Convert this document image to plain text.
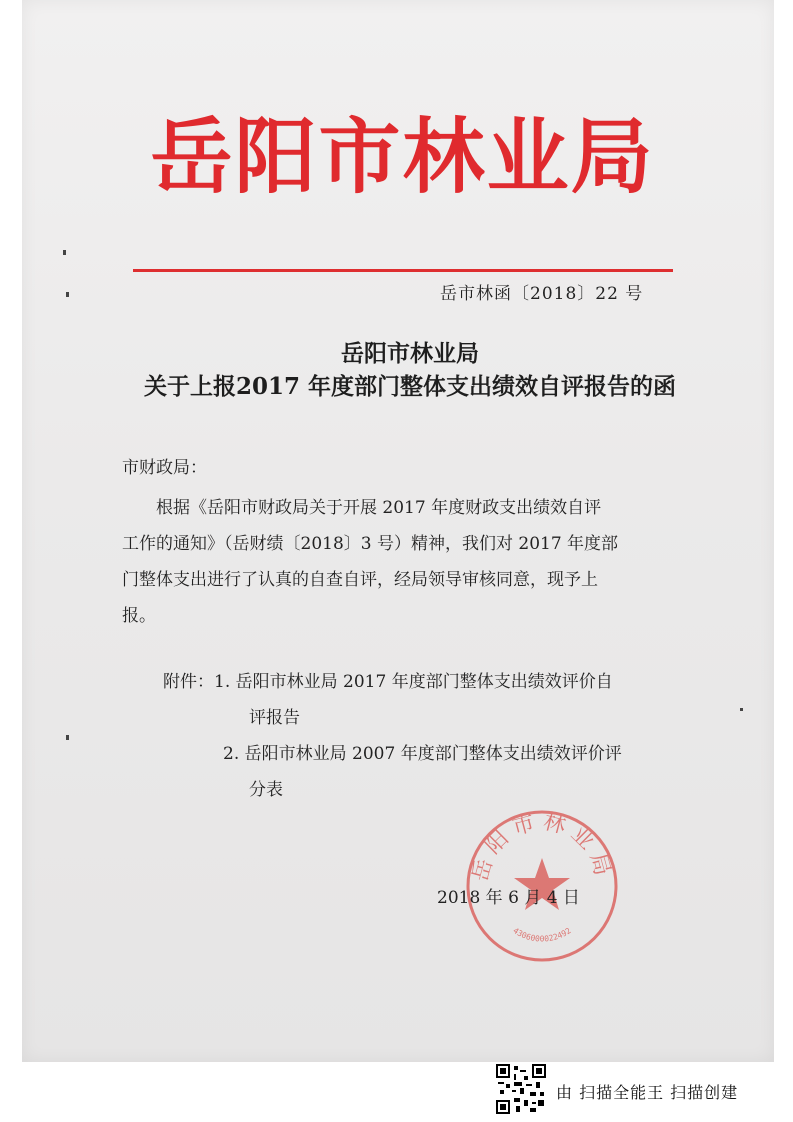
岳阳市林业局
岳市林函〔2018〕22 号
岳阳市林业局
关于上报2017 年度部门整体支出绩效自评报告的函
市财政局：
根据《岳阳市财政局关于开展 2017 年度财政支出绩效自评
工作的通知》（岳财绩〔2018〕3 号）精神，我们对 2017 年度部
门整体支出进行了认真的自查自评，经局领导审核同意，现予上
报。
附件：1. 岳阳市林业局 2017 年度部门整体支出绩效评价自
评报告
2. 岳阳市林业局 2007 年度部门整体支出绩效评价评
分表
岳阳市林业局
4306000022492
2018 年 6 月 4 日
由 扫描全能王 扫描创建
